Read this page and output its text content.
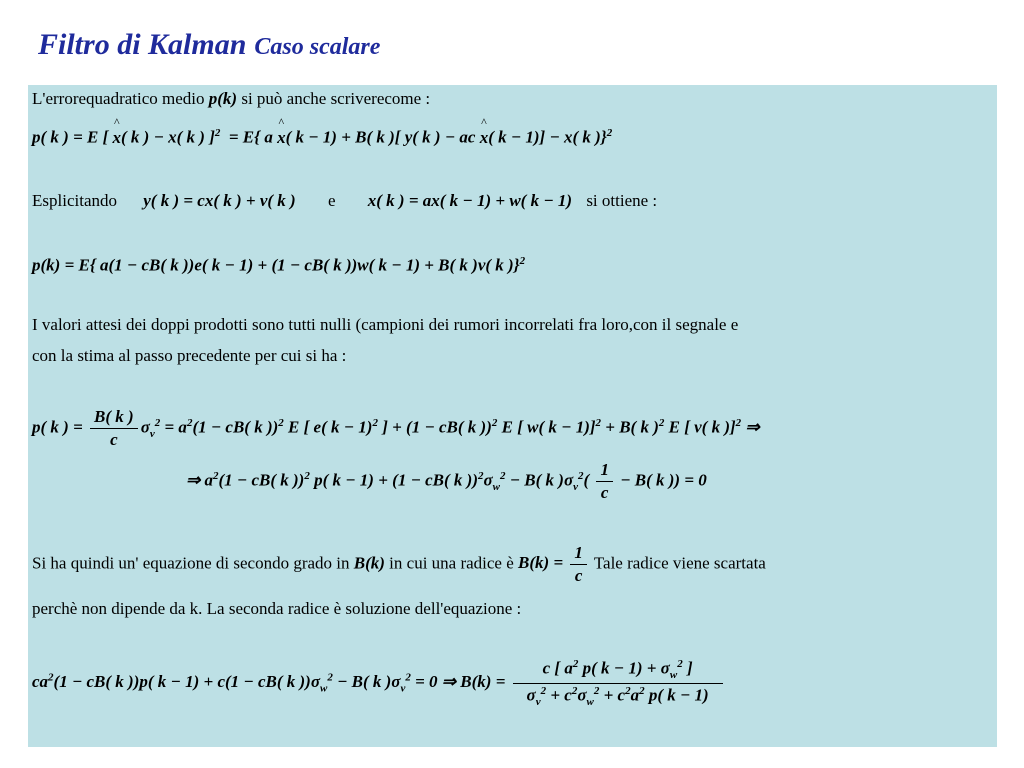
Filtro di Kalman Caso scalare
L'errorequadratico medio p(k) si può anche scriverecome :
p( k ) = E [ ^ x( k ) − x( k ) ]$^2$  = E{ a ^ x( k − 1) + B( k )[ y( k ) − ac ^ x( k − 1)] − x( k )}$^2$
Esplicitando y( k ) = cx( k ) + v( k ) e x( k ) = ax( k − 1) + w( k − 1) si ottiene :
p(k) = E{ a(1 − cB( k ))e( k − 1) + (1 − cB( k ))w( k − 1) + B( k )v( k )}$^2$
I valori attesi dei doppi prodotti sono tutti nulli (campioni dei rumori incorrelati fra loro,con il segnale e
con la stima al passo precedente per cui si ha :
p( k ) = $\frac{B( k )}{c} \sigma_v^2 = a^2(1 - cB$( k ))$^2$ E [ e( k − 1)$^2$ ] + (1 − cB( k ))$^2$ E [ w( k − 1)]$^2$ + B( k )$^2$ E [ v( k )]$^2$ ⇒
⇒ $a^2(1 - cB$( k ))$^2$ p( k − 1) + (1 − cB( k ))$^2\sigma_w^2 - B$( k )$\sigma_v^2( \frac{1}{c} - B$( k )) = 0
Si ha quindi un' equazione di secondo grado in B(k) in cui una radice è $B(k) = \frac{1}{c}$ Tale radice viene scartata
perchè non dipende da k. La seconda radice è soluzione dell'equazione :
$ca^2(1 - cB$( k ))p( k − 1) + c(1 − cB( k ))$\sigma_w^2 - B$( k )$\sigma_v^2 = 0$ ⇒ $B(k) = \frac{c [ a^2 p( k - 1) + \sigma_w^2 ]}{\sigma_v^2 + c^2\sigma_w^2 + c^2a^2 p( k - 1)}$
